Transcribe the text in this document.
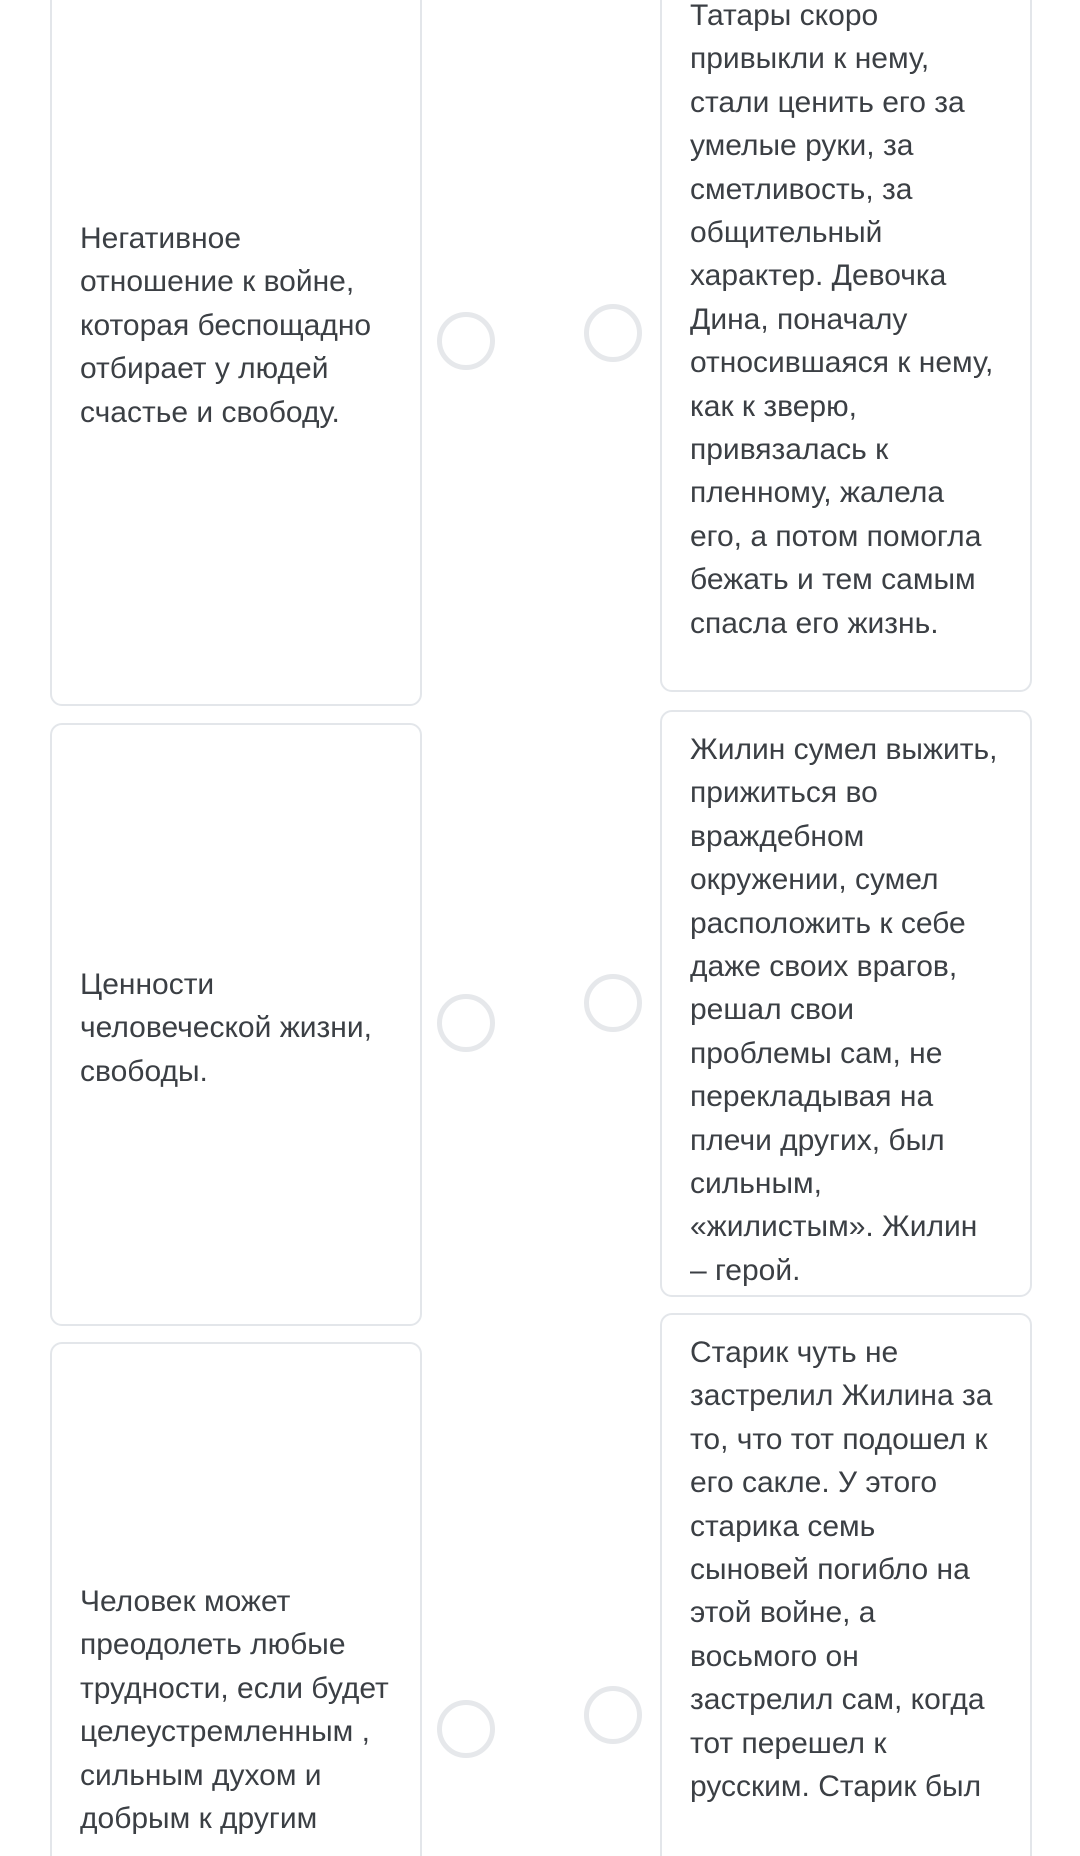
Негативное отношение к войне, которая беспощадно отбирает у людей счастье и свободу.
Ценности человеческой жизни, свободы.
Человек может преодолеть любые трудности, если будет целеустремленным , сильным духом и добрым к другим
Татары скоро привыкли к нему, стали ценить его за умелые руки, за сметливость, за общительный характер. Девочка Дина, поначалу относившаяся к нему, как к зверю, привязалась к пленному, жалела его, а потом помогла бежать и тем самым спасла его жизнь.
Жилин сумел выжить, прижиться во враждебном окружении, сумел расположить к себе даже своих врагов, решал свои проблемы сам, не перекладывая на плечи других, был сильным, «жилистым». Жилин – герой.
Старик чуть не застрелил Жилина за то, что тот подошел к его сакле. У этого старика семь сыновей погибло на этой войне, а восьмого он застрелил сам, когда тот перешел к русским. Старик был
